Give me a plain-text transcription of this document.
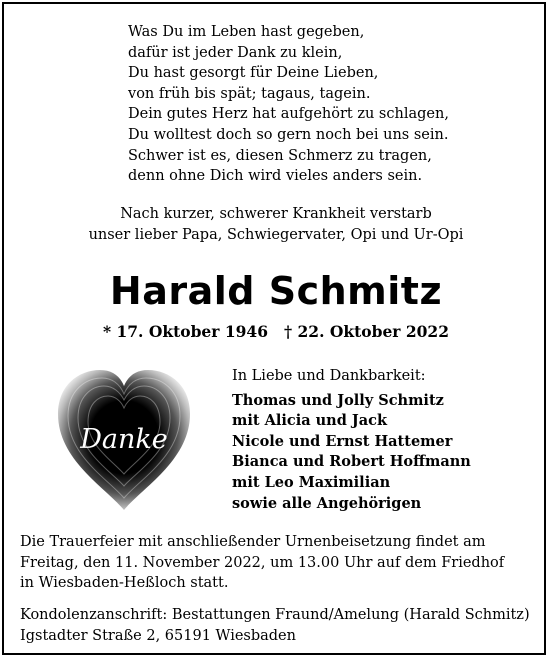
Was Du im Leben hast gegeben,
dafür ist jeder Dank zu klein,
Du hast gesorgt für Deine Lieben,
von früh bis spät; tagaus, tagein.
Dein gutes Herz hat aufgehört zu schlagen,
Du wolltest doch so gern noch bei uns sein.
Schwer ist es, diesen Schmerz zu tragen,
denn ohne Dich wird vieles anders sein.
Nach kurzer, schwerer Krankheit verstarb
unser lieber Papa, Schwiegervater, Opi und Ur-Opi
Harald Schmitz
* 17. Oktober 1946 † 22. Oktober 2022
Danke
In Liebe und Dankbarkeit:
Thomas und Jolly Schmitz
mit Alicia und Jack
Nicole und Ernst Hattemer
Bianca und Robert Hoffmann
mit Leo Maximilian
sowie alle Angehörigen
Die Trauerfeier mit anschließender Urnenbeisetzung findet am
Freitag, den 11. November 2022, um 13.00 Uhr auf dem Friedhof
in Wiesbaden-Heßloch statt.
Kondolenzanschrift: Bestattungen Fraund/Amelung (Harald Schmitz)
Igstadter Straße 2, 65191 Wiesbaden
